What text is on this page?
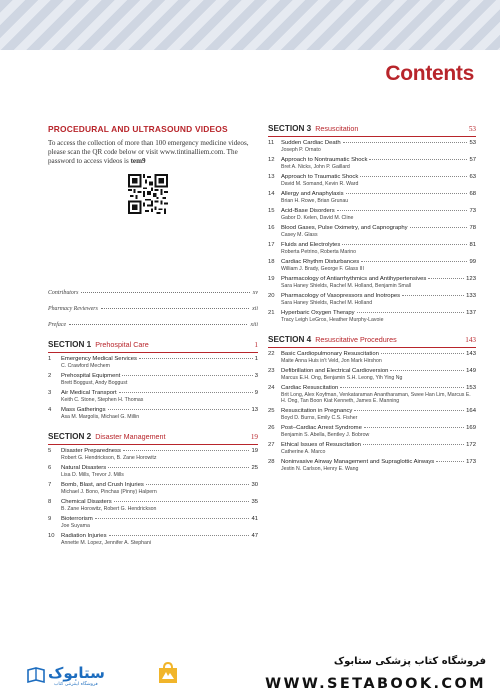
Contents
PROCEDURAL AND ULTRASOUND VIDEOS
To access the collection of more than 100 emergency medicine videos, please scan the QR code below or visit www.tintinalliem.com. The password to access videos is tem9
Contributors	xv
Pharmacy Reviewers	xii
Preface	xiii
SECTION 1 Prehospital Care	1
1 Emergency Medical Services	1
C. Crawford Mechem
2 Prehospital Equipment	3
Brett Boggust, Andy Boggust
3 Air Medical Transport	9
Keith C. Stone, Stephen H. Thomas
4 Mass Gatherings	13
Asa M. Margolis, Michael G. Millin
SECTION 2 Disaster Management	19
5 Disaster Preparedness	19
Robert G. Hendrickson, B. Zane Horowitz
6 Natural Disasters	25
Lisa D. Mills, Trevor J. Mills
7 Bomb, Blast, and Crush Injuries	30
Michael J. Bono, Pinchas (Pinny) Halpern
8 Chemical Disasters	35
B. Zane Horowitz, Robert G. Hendrickson
9 Bioterrorism	41
Joe Suyama
10 Radiation Injuries	47
Annette M. Lopez, Jennifer A. Stephani
SECTION 3 Resuscitation	53
11 Sudden Cardiac Death	53
Joseph P. Ornato
12 Approach to Nontraumatic Shock	57
Bret A. Nicks, John P. Gaillard
13 Approach to Traumatic Shock	63
David M. Somand, Kevin R. Ward
14 Allergy and Anaphylaxis	68
Brian H. Rowe, Brian Grunau
15 Acid-Base Disorders	73
Gabor D. Kelen, David M. Cline
16 Blood Gases, Pulse Oximetry, and Capnography	78
Casey M. Glass
17 Fluids and Electrolytes	81
Roberta Petrino, Roberta Marino
18 Cardiac Rhythm Disturbances	99
William J. Brady, George F. Glass III
19 Pharmacology of Antiarrhythmics and Antihypertensives	123
Sara Haney Shields, Rachel M. Holland, Benjamin Small
20 Pharmacology of Vasopressors and Inotropes	133
Sara Haney Shields, Rachel M. Holland
21 Hyperbaric Oxygen Therapy	137
Tracy Leigh LeGros, Heather Murphy-Lavoie
SECTION 4 Resuscitative Procedures	143
22 Basic Cardiopulmonary Resuscitation	143
Maite Anna Huis in't Veld, Jon Mark Hirshon
23 Defibrillation and Electrical Cardioversion	149
Marcus E.H. Ong, Benjamin S.H. Leong, Yih Ying Ng
24 Cardiac Resuscitation	153
Brit Long, Alex Koyfman, Venkataraman Anantharaman, Swee Han Lim, Marcus E. H. Ong, Tan Boon Kiat Kenneth, James E. Manning
25 Resuscitation in Pregnancy	164
Boyd D. Burns, Emily C.S. Fisher
26 Post–Cardiac Arrest Syndrome	169
Benjamin S. Abella, Bentley J. Bobrow
27 Ethical Issues of Resuscitation	172
Catherine A. Marco
28 Noninvasive Airway Management and Supraglottic Airways	173
Jestin N. Carlson, Henry E. Wang
ستابوک
فروشگاه اینترنتی کتاب
فروشگاه کتاب پزشکی ستابوک
WWW.SETABOOK.COM
